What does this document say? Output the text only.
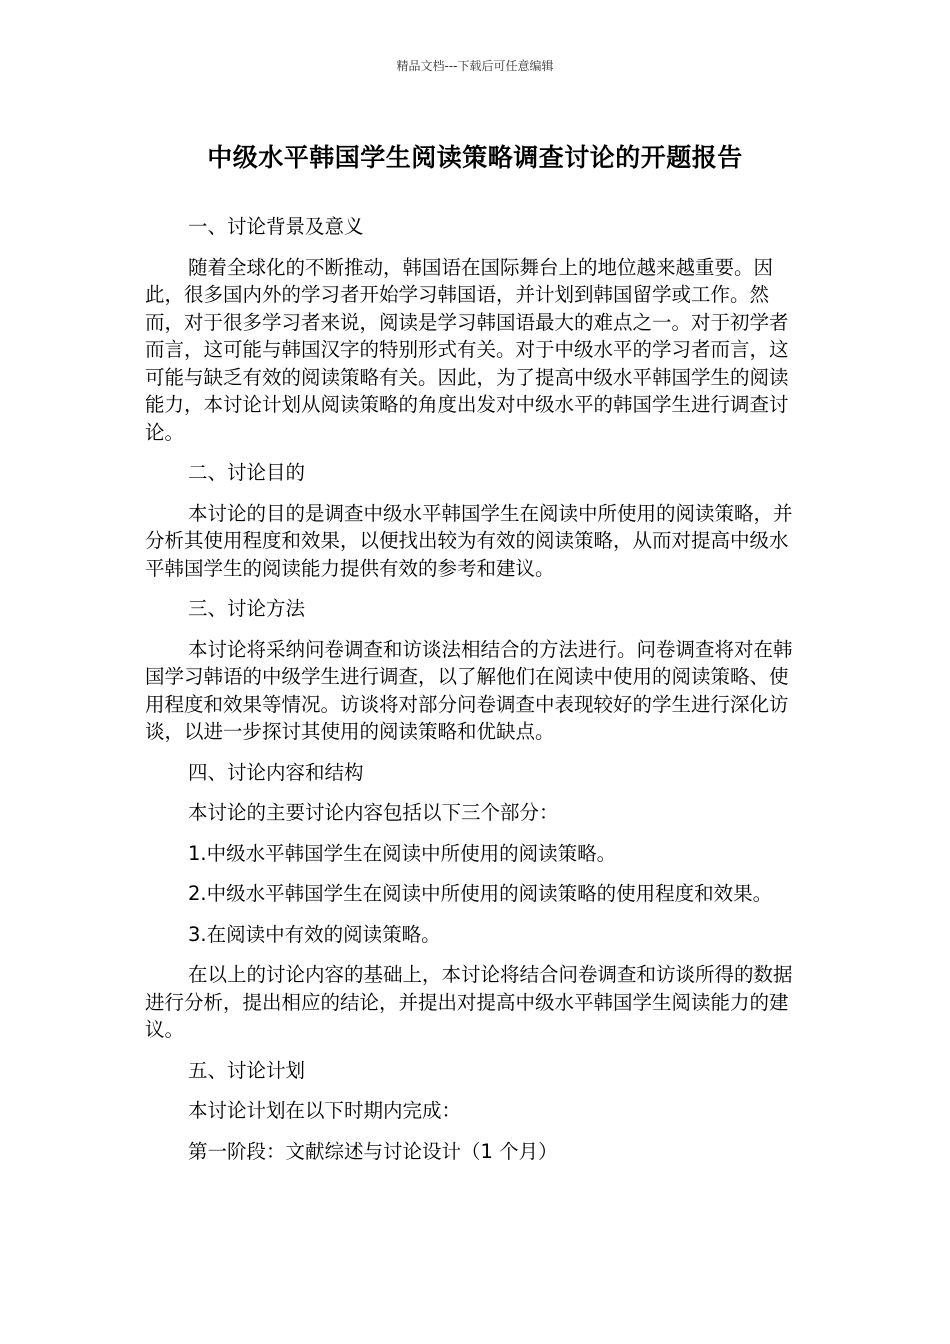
精品文档---下载后可任意编辑
中级水平韩国学生阅读策略调查讨论的开题报告

一、讨论背景及意义

随着全球化的不断推动，韩国语在国际舞台上的地位越来越重要。因此，很多国内外的学习者开始学习韩国语，并计划到韩国留学或工作。然而，对于很多学习者来说，阅读是学习韩国语最大的难点之一。对于初学者而言，这可能与韩国汉字的特别形式有关。对于中级水平的学习者而言，这可能与缺乏有效的阅读策略有关。因此，为了提高中级水平韩国学生的阅读能力，本讨论计划从阅读策略的角度出发对中级水平的韩国学生进行调查讨论。

二、讨论目的

本讨论的目的是调查中级水平韩国学生在阅读中所使用的阅读策略，并分析其使用程度和效果，以便找出较为有效的阅读策略，从而对提高中级水平韩国学生的阅读能力提供有效的参考和建议。

三、讨论方法

本讨论将采纳问卷调查和访谈法相结合的方法进行。问卷调查将对在韩国学习韩语的中级学生进行调查，以了解他们在阅读中使用的阅读策略、使用程度和效果等情况。访谈将对部分问卷调查中表现较好的学生进行深化访谈，以进一步探讨其使用的阅读策略和优缺点。

四、讨论内容和结构

本讨论的主要讨论内容包括以下三个部分：

1.中级水平韩国学生在阅读中所使用的阅读策略。

2.中级水平韩国学生在阅读中所使用的阅读策略的使用程度和效果。

3.在阅读中有效的阅读策略。

在以上的讨论内容的基础上，本讨论将结合问卷调查和访谈所得的数据进行分析，提出相应的结论，并提出对提高中级水平韩国学生阅读能力的建议。

五、讨论计划

本讨论计划在以下时期内完成：

第一阶段：文献综述与讨论设计（1 个月）
